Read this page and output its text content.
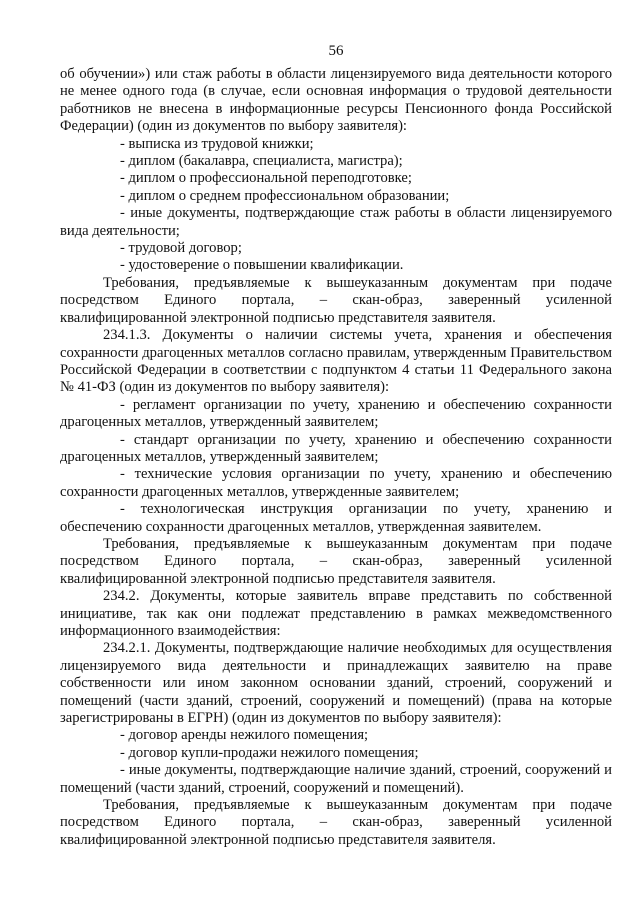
56

об обучении») или стаж работы в области лицензируемого вида деятельности которого не менее одного года (в случае, если основная информация о трудовой деятельности работников не внесена в информационные ресурсы Пенсионного фонда Российской Федерации) (один из документов по выбору заявителя):

- выписка из трудовой книжки;

- диплом (бакалавра, специалиста, магистра);

- диплом о профессиональной переподготовке;

- диплом о среднем профессиональном образовании;

- иные документы, подтверждающие стаж работы в области лицензируемого вида деятельности;

- трудовой договор;

- удостоверение о повышении квалификации.

Требования, предъявляемые к вышеуказанным документам при подаче посредством Единого портала, – скан-образ, заверенный усиленной квалифицированной электронной подписью представителя заявителя.

234.1.3. Документы о наличии системы учета, хранения и обеспечения сохранности драгоценных металлов согласно правилам, утвержденным Правительством Российской Федерации в соответствии с подпунктом 4 статьи 11 Федерального закона № 41-ФЗ (один из документов по выбору заявителя):

- регламент организации по учету, хранению и обеспечению сохранности драгоценных металлов, утвержденный заявителем;

- стандарт организации по учету, хранению и обеспечению сохранности драгоценных металлов, утвержденный заявителем;

- технические условия организации по учету, хранению и обеспечению сохранности драгоценных металлов, утвержденные заявителем;

- технологическая инструкция организации по учету, хранению и обеспечению сохранности драгоценных металлов, утвержденная заявителем.

Требования, предъявляемые к вышеуказанным документам при подаче посредством Единого портала, – скан-образ, заверенный усиленной квалифицированной электронной подписью представителя заявителя.

234.2. Документы, которые заявитель вправе представить по собственной инициативе, так как они подлежат представлению в рамках межведомственного информационного взаимодействия:

234.2.1. Документы, подтверждающие наличие необходимых для осуществления лицензируемого вида деятельности и принадлежащих заявителю на праве собственности или ином законном основании зданий, строений, сооружений и помещений (части зданий, строений, сооружений и помещений) (права на которые зарегистрированы в ЕГРН) (один из документов по выбору заявителя):

- договор аренды нежилого помещения;

- договор купли-продажи нежилого помещения;

- иные документы, подтверждающие наличие зданий, строений, сооружений и помещений (части зданий, строений, сооружений и помещений).

Требования, предъявляемые к вышеуказанным документам при подаче посредством Единого портала, – скан-образ, заверенный усиленной квалифицированной электронной подписью представителя заявителя.
